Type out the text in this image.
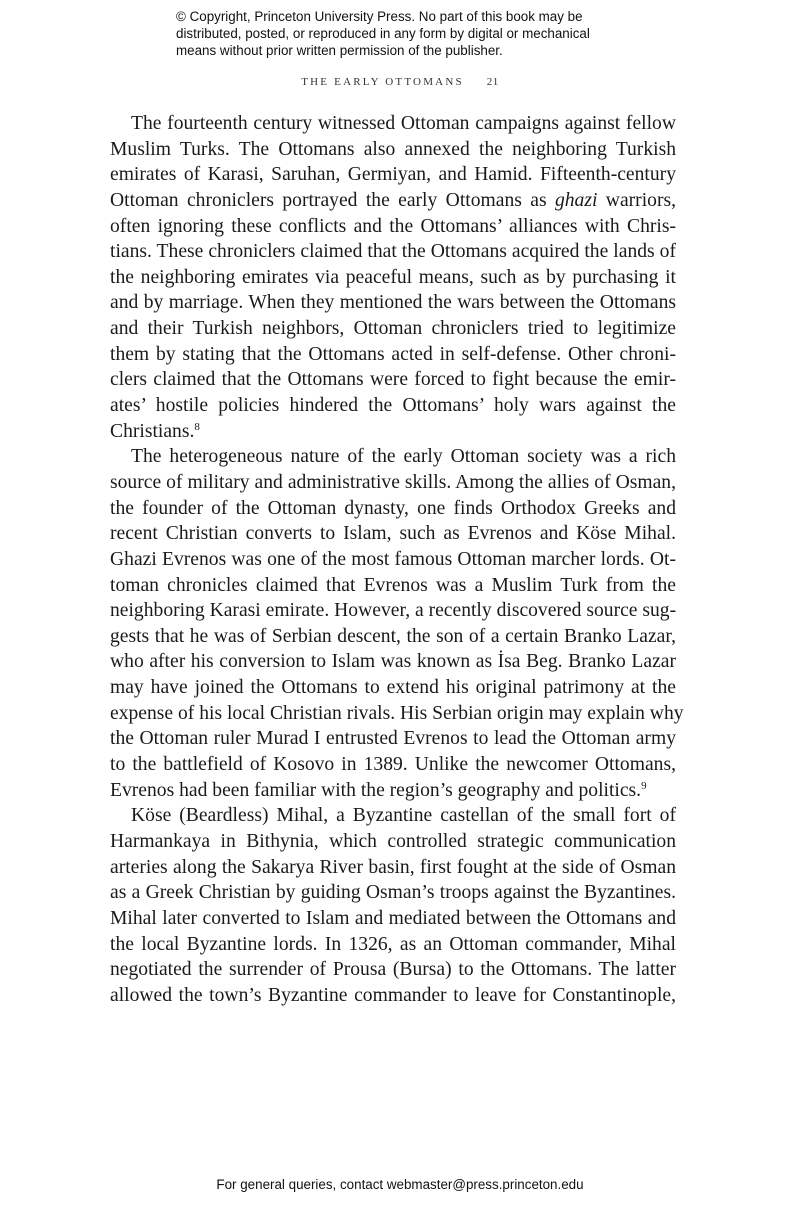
© Copyright, Princeton University Press. No part of this book may be
distributed, posted, or reproduced in any form by digital or mechanical
means without prior written permission of the publisher.
THE EARLY OTTOMANS 21
The fourteenth century witnessed Ottoman campaigns against fellow
Muslim Turks. The Ottomans also annexed the neighboring Turkish
emirates of Karasi, Saruhan, Germiyan, and Hamid. Fifteenth-century
Ottoman chroniclers portrayed the early Ottomans as ghazi warriors,
often ignoring these conflicts and the Ottomans’ alliances with Chris-
tians. These chroniclers claimed that the Ottomans acquired the lands of
the neighboring emirates via peaceful means, such as by purchasing it
and by marriage. When they mentioned the wars between the Ottomans
and their Turkish neighbors, Ottoman chroniclers tried to legitimize
them by stating that the Ottomans acted in self-defense. Other chroni-
clers claimed that the Ottomans were forced to fight because the emir-
ates’ hostile policies hindered the Ottomans’ holy wars against the
Christians.$^8$
The heterogeneous nature of the early Ottoman society was a rich
source of military and administrative skills. Among the allies of Osman,
the founder of the Ottoman dynasty, one finds Orthodox Greeks and
recent Christian converts to Islam, such as Evrenos and Köse Mihal.
Ghazi Evrenos was one of the most famous Ottoman marcher lords. Ot-
toman chronicles claimed that Evrenos was a Muslim Turk from the
neighboring Karasi emirate. However, a recently discovered source sug-
gests that he was of Serbian descent, the son of a certain Branko Lazar,
who after his conversion to Islam was known as İsa Beg. Branko Lazar
may have joined the Ottomans to extend his original patrimony at the
expense of his local Christian rivals. His Serbian origin may explain why
the Ottoman ruler Murad I entrusted Evrenos to lead the Ottoman army
to the battlefield of Kosovo in 1389. Unlike the newcomer Ottomans,
Evrenos had been familiar with the region’s geography and politics.$^9$
Köse (Beardless) Mihal, a Byzantine castellan of the small fort of
Harmankaya in Bithynia, which controlled strategic communication
arteries along the Sakarya River basin, first fought at the side of Osman
as a Greek Christian by guiding Osman’s troops against the Byzantines.
Mihal later converted to Islam and mediated between the Ottomans and
the local Byzantine lords. In 1326, as an Ottoman commander, Mihal
negotiated the surrender of Prousa (Bursa) to the Ottomans. The latter
allowed the town’s Byzantine commander to leave for Constantinople,
For general queries, contact webmaster@press.princeton.edu
